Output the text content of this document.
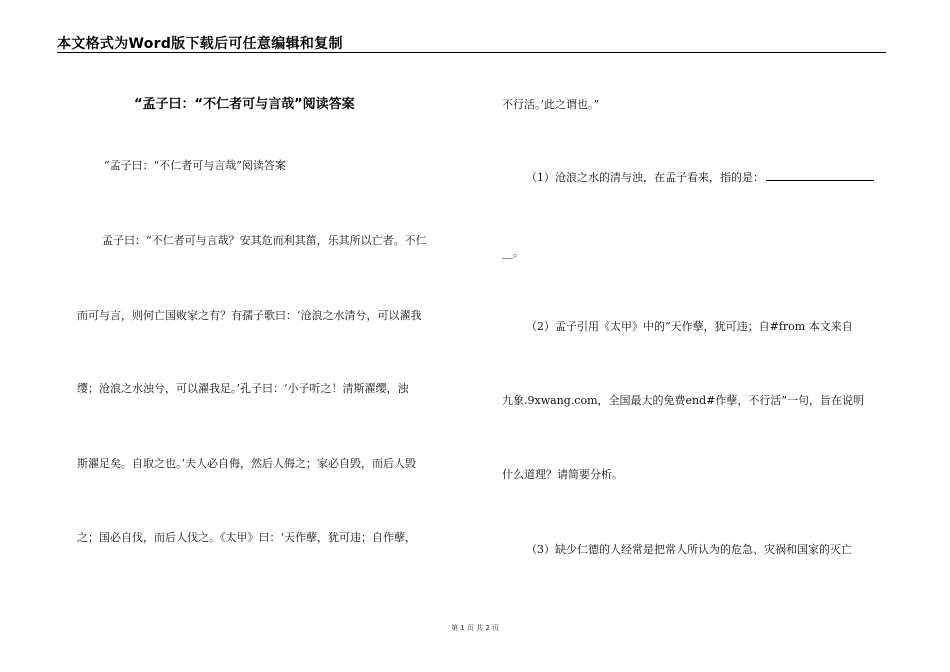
本文格式为Word版下载后可任意编辑和复制
“孟子曰：“不仁者可与言哉”阅读答案
“孟子曰：“不仁者可与言哉”阅读答案
孟子曰：“不仁者可与言哉？安其危而利其菑，乐其所以亡者。不仁
而可与言，则何亡国败家之有？有孺子歌曰：‘沧浪之水清兮，可以濯我
缨；沧浪之水浊兮，可以濯我足。’孔子曰：‘小子听之！清斯濯缨，浊
斯濯足矣。自取之也。’夫人必自侮，然后人侮之；家必自毁，而后人毁
之；国必自伐，而后人伐之。《太甲》曰：‘天作孽，犹可违；自作孽，
不行活。’此之谓也。”
（1）沧浪之水的清与浊，在孟子看来，指的是：
__。
（2）孟子引用《太甲》中的“天作孽，犹可违；自#from 本文来自
九象.9xwang.com，全国最大的免费end#作孽，不行活”一句，旨在说明
什么道理？请简要分析。
（3）缺少仁德的人经常是把常人所认为的危急、灾祸和国家的灭亡
第 1 页 共 2 页
